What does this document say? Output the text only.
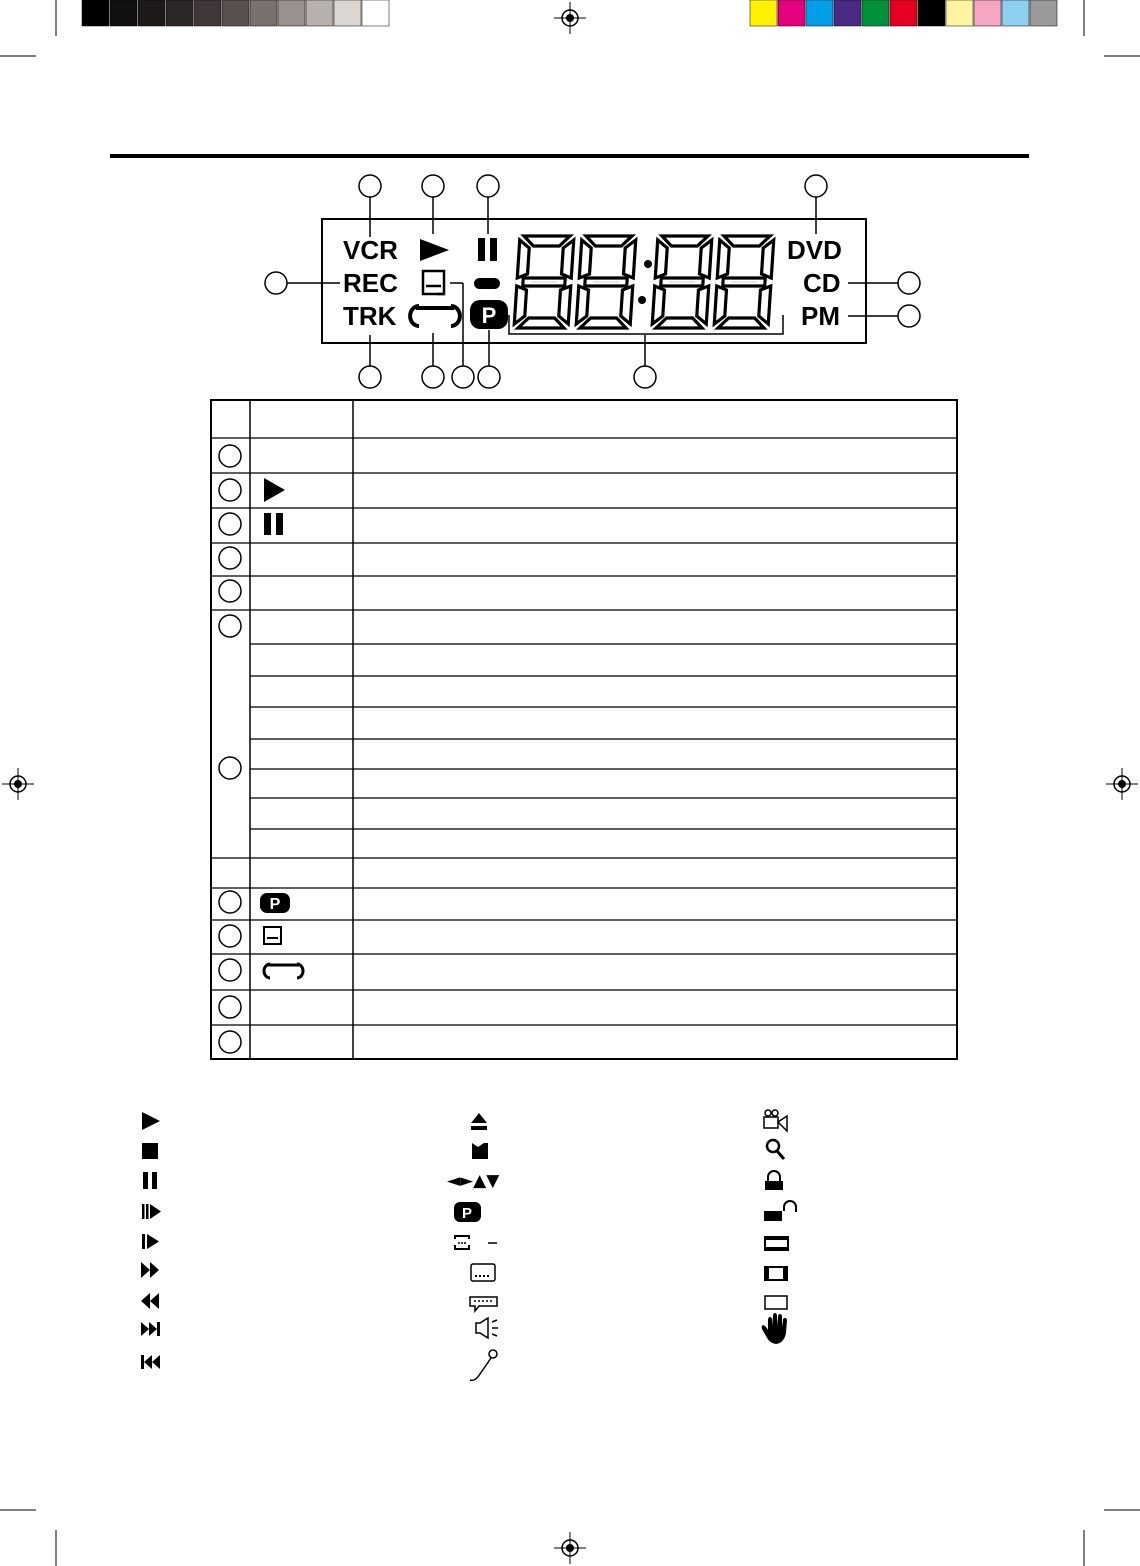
VCR
REC
TRK
DVD
CD
PM
P
P
P
◄►▲▼
